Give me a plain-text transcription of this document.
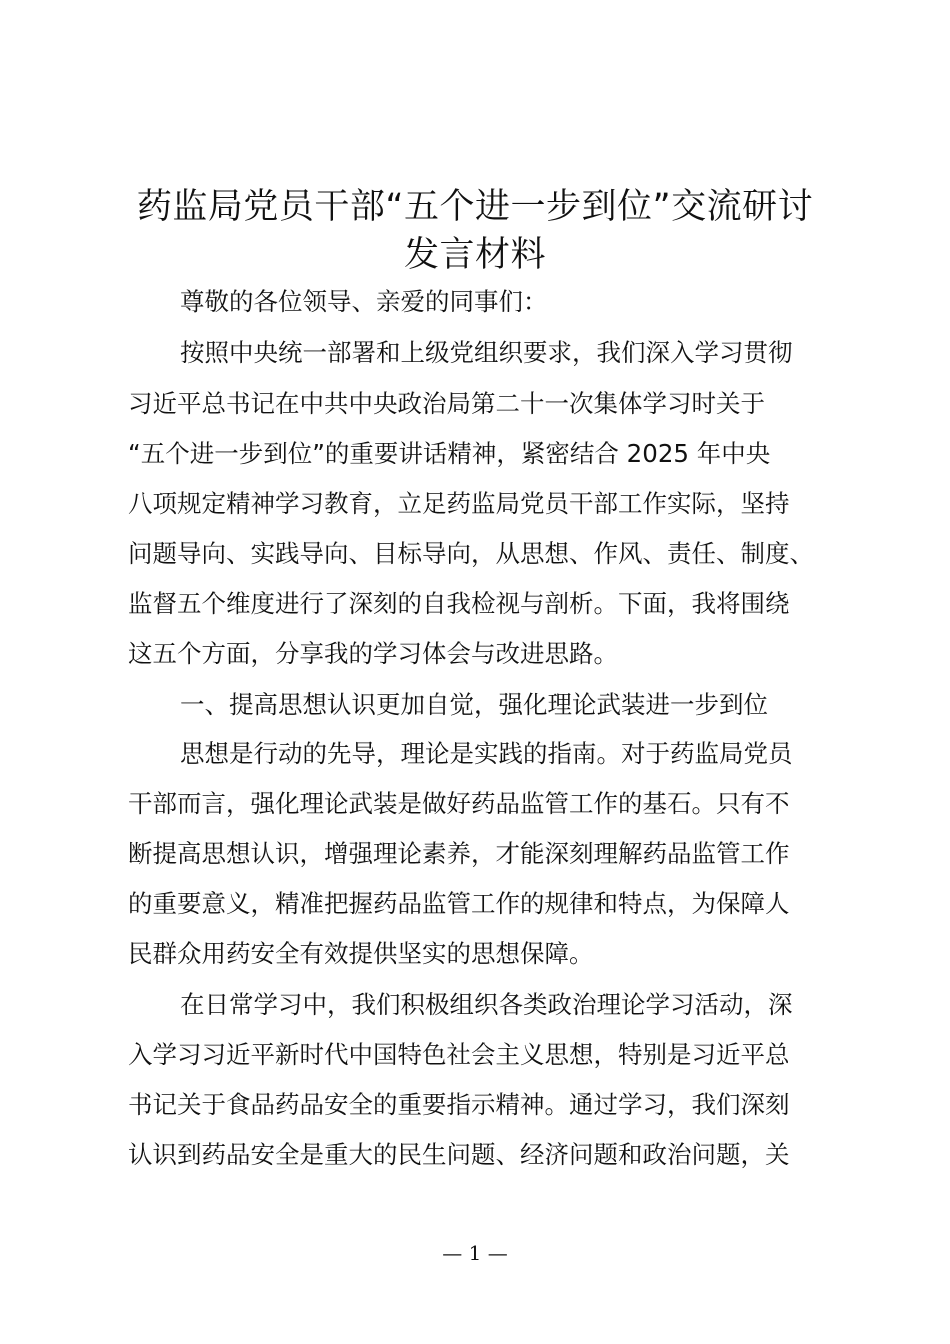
药监局党员干部“五个进一步到位”交流研讨
发言材料

尊敬的各位领导、亲爱的同事们：

按照中央统一部署和上级党组织要求，我们深入学习贯彻

习近平总书记在中共中央政治局第二十一次集体学习时关于

“五个进一步到位”的重要讲话精神，紧密结合 2025 年中央

八项规定精神学习教育，立足药监局党员干部工作实际，坚持

问题导向、实践导向、目标导向，从思想、作风、责任、制度、

监督五个维度进行了深刻的自我检视与剖析。下面，我将围绕

这五个方面，分享我的学习体会与改进思路。

一、提高思想认识更加自觉，强化理论武装进一步到位

思想是行动的先导，理论是实践的指南。对于药监局党员

干部而言，强化理论武装是做好药品监管工作的基石。只有不

断提高思想认识，增强理论素养，才能深刻理解药品监管工作

的重要意义，精准把握药品监管工作的规律和特点，为保障人

民群众用药安全有效提供坚实的思想保障。

在日常学习中，我们积极组织各类政治理论学习活动，深

入学习习近平新时代中国特色社会主义思想，特别是习近平总

书记关于食品药品安全的重要指示精神。通过学习，我们深刻

认识到药品安全是重大的民生问题、经济问题和政治问题，关

— 1 —
